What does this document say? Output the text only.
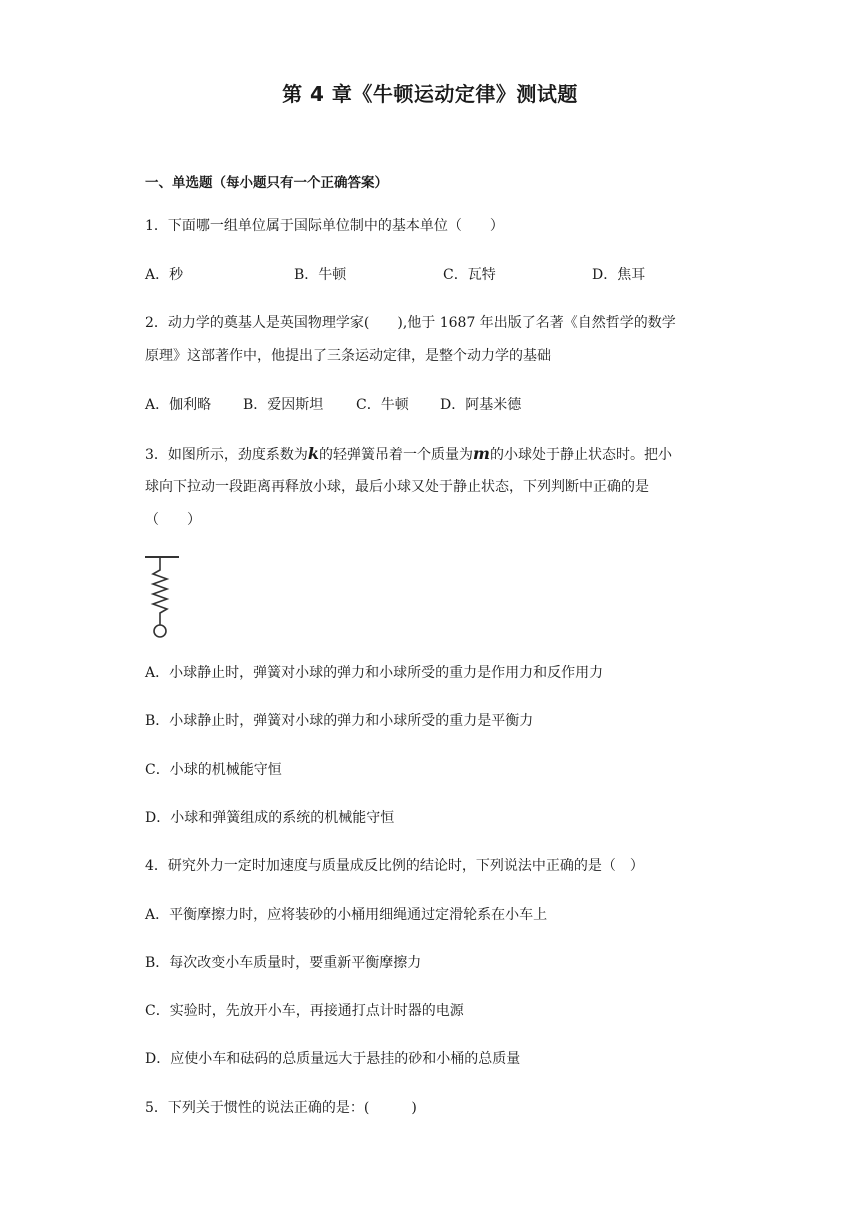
第 4 章《牛顿运动定律》测试题
一、单选题（每小题只有一个正确答案）
1．下面哪一组单位属于国际单位制中的基本单位（　　）
A．秒	B．牛顿	C．瓦特	D．焦耳
2．动力学的奠基人是英国物理学家(　　),他于 1687 年出版了名著《自然哲学的数学
原理》这部著作中，他提出了三条运动定律，是整个动力学的基础
A．伽利略 B．爱因斯坦 C．牛顿 D．阿基米德
3．如图所示，劲度系数为k的轻弹簧吊着一个质量为m的小球处于静止状态时。把小
球向下拉动一段距离再释放小球，最后小球又处于静止状态，下列判断中正确的是
（　　）
A．小球静止时，弹簧对小球的弹力和小球所受的重力是作用力和反作用力
B．小球静止时，弹簧对小球的弹力和小球所受的重力是平衡力
C．小球的机械能守恒
D．小球和弹簧组成的系统的机械能守恒
4．研究外力一定时加速度与质量成反比例的结论时，下列说法中正确的是（　）
A．平衡摩擦力时，应将装砂的小桶用细绳通过定滑轮系在小车上
B．每次改变小车质量时，要重新平衡摩擦力
C．实验时，先放开小车，再接通打点计时器的电源
D．应使小车和砝码的总质量远大于悬挂的砂和小桶的总质量
5．下列关于惯性的说法正确的是：(　　　)
